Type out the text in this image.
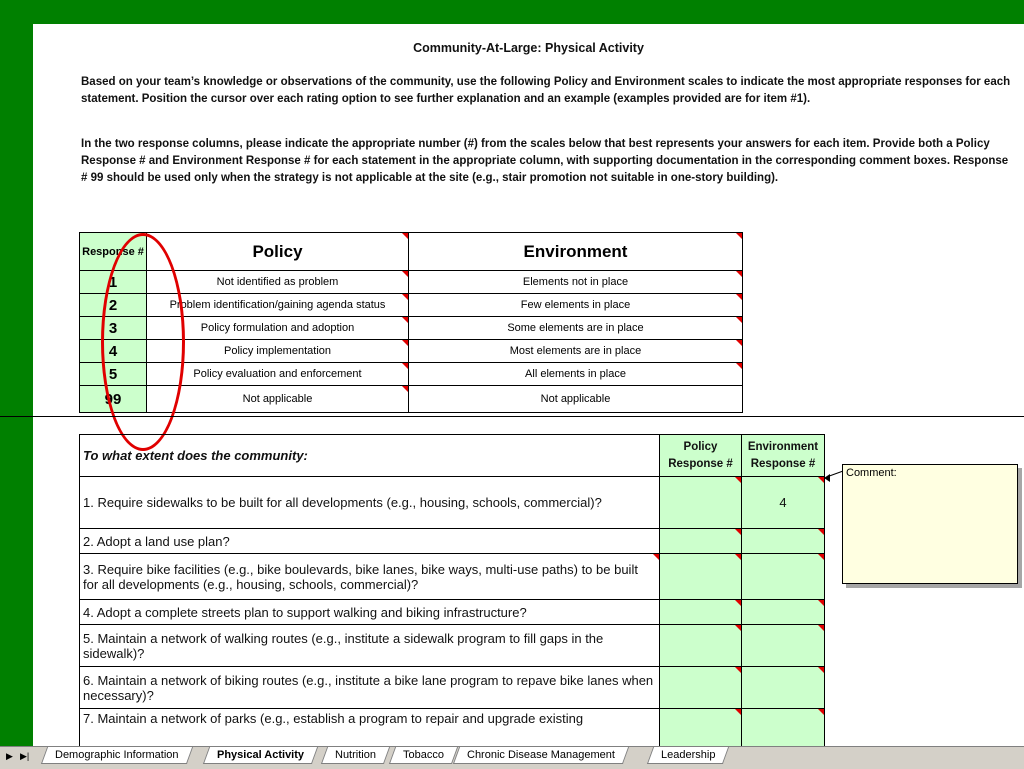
Community-At-Large: Physical Activity
Based on your team’s knowledge or observations of the community, use the following Policy and Environment scales to indicate the most appropriate responses for each statement. Position the cursor over each rating option to see further explanation and an example (examples provided are for item #1).
In the two response columns, please indicate the appropriate number (#) from the scales below that best represents your answers for each item. Provide both a Policy Response # and Environment Response # for each statement in the appropriate column, with supporting documentation in the corresponding comment boxes. Response # 99 should be used only when the strategy is not applicable at the site (e.g., stair promotion not suitable in one-story building).
Response #	Policy	Environment

1	Not identified as problem	Elements not in place

2	Problem identification/gaining agenda status	Few elements in place

3	Policy formulation and adoption	Some elements are in place

4	Policy implementation	Most elements are in place

5	Policy evaluation and enforcement	All elements in place

99	Not applicable	Not applicable
To what extent does the community:	Policy Response #	Environment Response #
1. Require sidewalks to be built for all developments (e.g., housing, schools, commercial)?		4

2. Adopt a land use plan?	

3. Require bike facilities (e.g., bike boulevards, bike lanes, bike ways, multi-use paths) to be built for all developments (e.g., housing, schools, commercial)?

4. Adopt a complete streets plan to support walking and biking infrastructure?	

5. Maintain a network of walking routes (e.g., institute a sidewalk program to fill gaps in the sidewalk)?	

6. Maintain a network of biking routes (e.g., institute a bike lane program to repave bike lanes when necessary)?	

7. Maintain a network of parks (e.g., establish a program to repair and upgrade existing	

Comment:
▶ ▶|	Demographic Information	Physical Activity	Nutrition	Tobacco	Chronic Disease Management	Leadership
